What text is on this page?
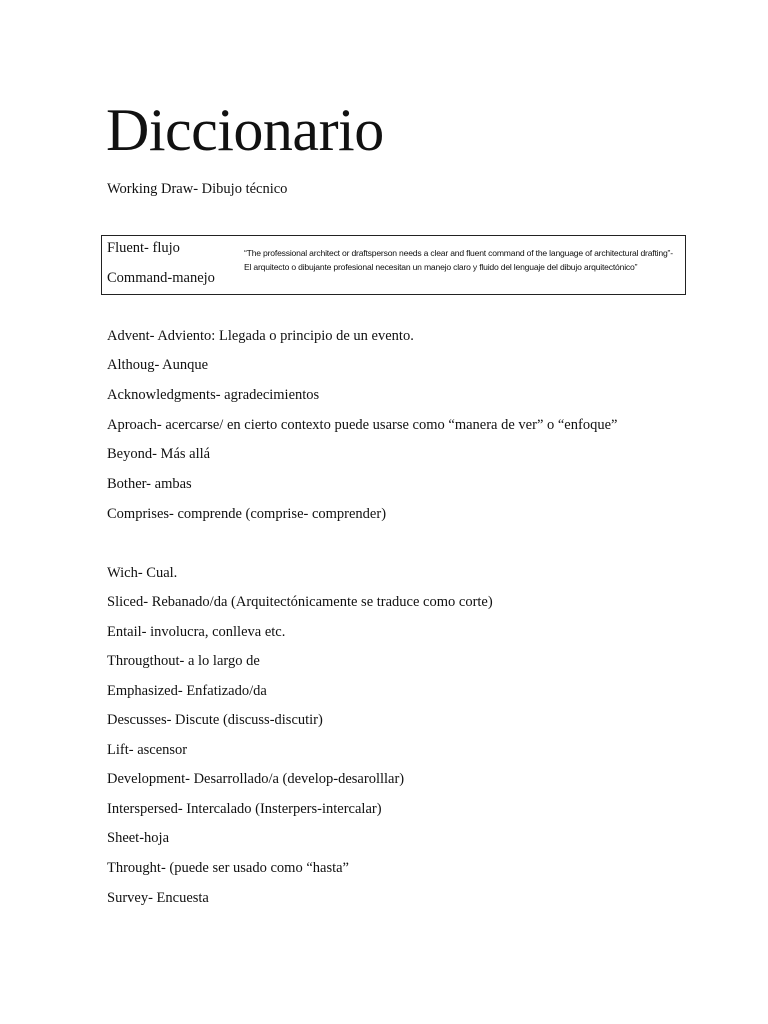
Diccionario
Working Draw- Dibujo técnico
Fluent- flujo
Command-manejo
“The professional architect or draftsperson needs a clear and fluent command of the language of architectural drafting”- El arquitecto o dibujante profesional necesitan un manejo claro y fluido del lenguaje del dibujo arquitectónico”
Advent- Adviento: Llegada o principio de un evento.
Althoug- Aunque
Acknowledgments- agradecimientos
Aproach- acercarse/ en cierto contexto puede usarse como “manera de ver” o “enfoque”
Beyond- Más allá
Bother- ambas
Comprises- comprende (comprise- comprender)
Wich- Cual.
Sliced- Rebanado/da (Arquitectónicamente se traduce como corte)
Entail- involucra, conlleva etc.
Througthout- a lo largo de
Emphasized- Enfatizado/da
Descusses- Discute (discuss-discutir)
Lift- ascensor
Development- Desarrollado/a (develop-desarolllar)
Interspersed- Intercalado (Insterpers-intercalar)
Sheet-hoja
Throught- (puede ser usado como “hasta”
Survey- Encuesta
